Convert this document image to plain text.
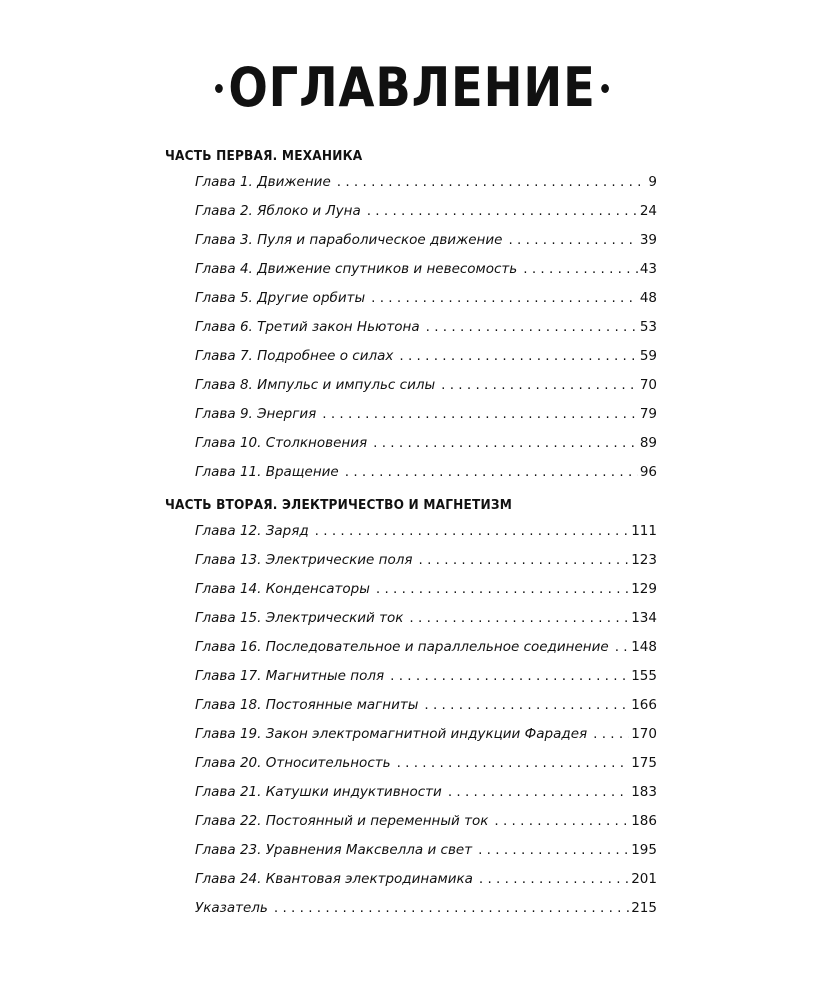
ОГЛАВЛЕНИЕ
ЧАСТЬ ПЕРВАЯ. МЕХАНИКА
Глава 1. Движение . . .	9
Глава 2. Яблоко и Луна . . .	24
Глава 3. Пуля и параболическое движение . . .	39
Глава 4. Движение спутников и невесомость . . .	43
Глава 5. Другие орбиты . . .	48
Глава 6. Третий закон Ньютона . . .	53
Глава 7. Подробнее о силах . . .	59
Глава 8. Импульс и импульс силы . . .	70
Глава 9. Энергия . . .	79
Глава 10. Столкновения . . .	89
Глава 11. Вращение . . .	96
ЧАСТЬ ВТОРАЯ. ЭЛЕКТРИЧЕСТВО И МАГНЕТИЗМ
Глава 12. Заряд . . .	111
Глава 13. Электрические поля . . .	123
Глава 14. Конденсаторы . . .	129
Глава 15. Электрический ток . . .	134
Глава 16. Последовательное и параллельное соединение . . . 148
Глава 17. Магнитные поля . . .	155
Глава 18. Постоянные магниты . . .	166
Глава 19. Закон электромагнитной индукции Фарадея . . .	170
Глава 20. Относительность . . .	175
Глава 21. Катушки индуктивности . . .	183
Глава 22. Постоянный и переменный ток . . .	186
Глава 23. Уравнения Максвелла и свет . . .	195
Глава 24. Квантовая электродинамика . . .	201
Указатель . . .	215
